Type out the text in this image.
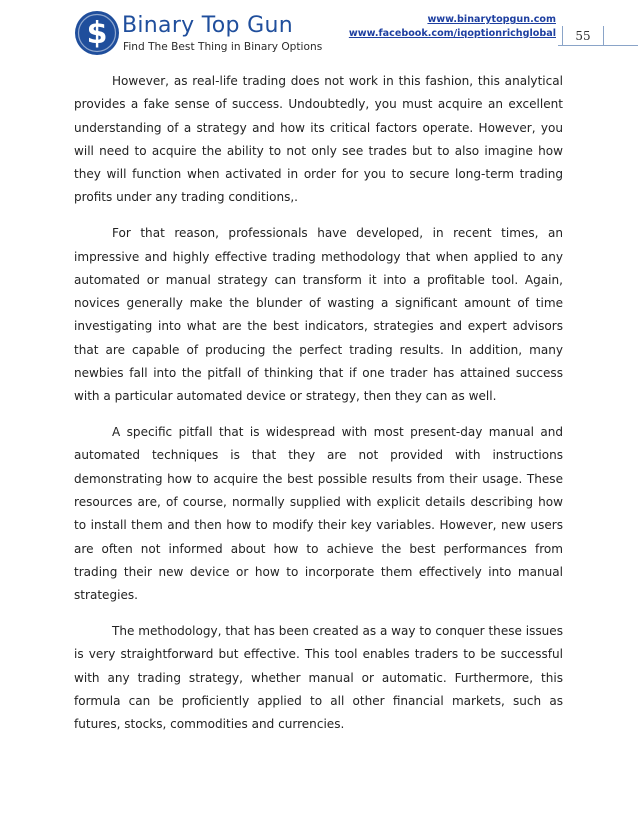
$ Binary Top Gun
Find The Best Thing in Binary Options
www.binarytopgun.com
www.facebook.com/iqoptionrichglobal	55

However, as real-life trading does not work in this fashion, this analytical provides a fake sense of success. Undoubtedly, you must acquire an excellent understanding of a strategy and how its critical factors operate. However, you will need to acquire the ability to not only see trades but to also imagine how they will function when activated in order for you to secure long-term trading profits under any trading conditions,.

For that reason, professionals have developed, in recent times, an impressive and highly effective trading methodology that when applied to any automated or manual strategy can transform it into a profitable tool. Again, novices generally make the blunder of wasting a significant amount of time investigating into what are the best indicators, strategies and expert advisors that are capable of producing the perfect trading results. In addition, many newbies fall into the pitfall of thinking that if one trader has attained success with a particular automated device or strategy, then they can as well.

A specific pitfall that is widespread with most present-day manual and automated techniques is that they are not provided with instructions demonstrating how to acquire the best possible results from their usage. These resources are, of course, normally supplied with explicit details describing how to install them and then how to modify their key variables. However, new users are often not informed about how to achieve the best performances from trading their new device or how to incorporate them effectively into manual strategies.

The methodology, that has been created as a way to conquer these issues is very straightforward but effective. This tool enables traders to be successful with any trading strategy, whether manual or automatic. Furthermore, this formula can be proficiently applied to all other financial markets, such as futures, stocks, commodities and currencies.
